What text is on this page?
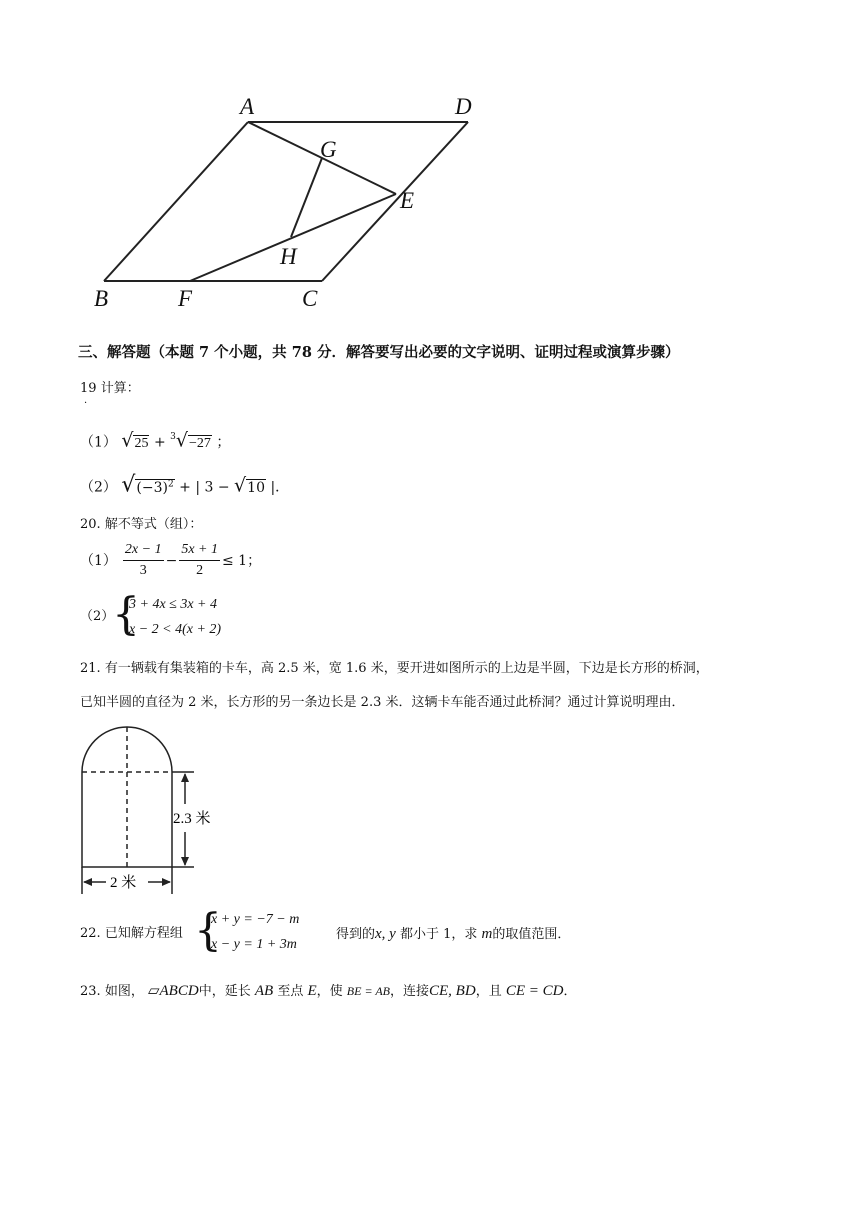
A	D
G
E
H
B	F	C
三、解答题（本题 7 个小题，共 78 分．解答要写出必要的文字说明、证明过程或演算步骤）
19 计算：
·
（1） √25 + $^3$√−27 ；
（2） $√(-3)^2$ + | 3 − √10 |．
20. 解不等式（组）：
$(1) \frac{2x - 1}{3} - \frac{5x + 1}{2} \le 1$；
（2）
{
3 + 4x ≤ 3x + 4
x − 2 < 4(x + 2)
21. 有一辆载有集装箱的卡车，高 2.5 米，宽 1.6 米，要开进如图所示的上边是半圆，下边是长方形的桥洞，
已知半圆的直径为 2 米，长方形的另一条边长是 2.3 米．这辆卡车能否通过此桥洞？通过计算说明理由．
2.3 米
2 米
22. 已知解方程组 {
x + y = −7 − m
x − y = 1 + 3m
得到的x, y 都小于 1，求 m的取值范围．
23. 如图， ▱ABCD中，延长 AB 至点 E，使 BE = AB，连接CE, BD，且 CE = CD．
